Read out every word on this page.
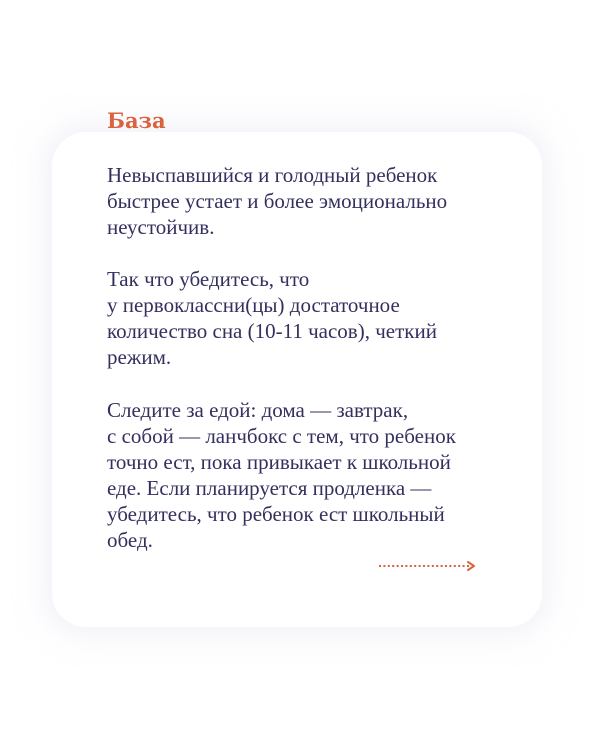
База

Невыспавшийся и голодный ребенок
быстрее устает и более эмоционально
неустойчив.

Так что убедитесь, что
у первоклассни(цы) достаточное
количество сна (10-11 часов), четкий
режим.

Следите за едой: дома — завтрак,
с собой — ланчбокс с тем, что ребенок
точно ест, пока привыкает к школьной
еде. Если планируется продленка —
убедитесь, что ребенок ест школьный
обед.
